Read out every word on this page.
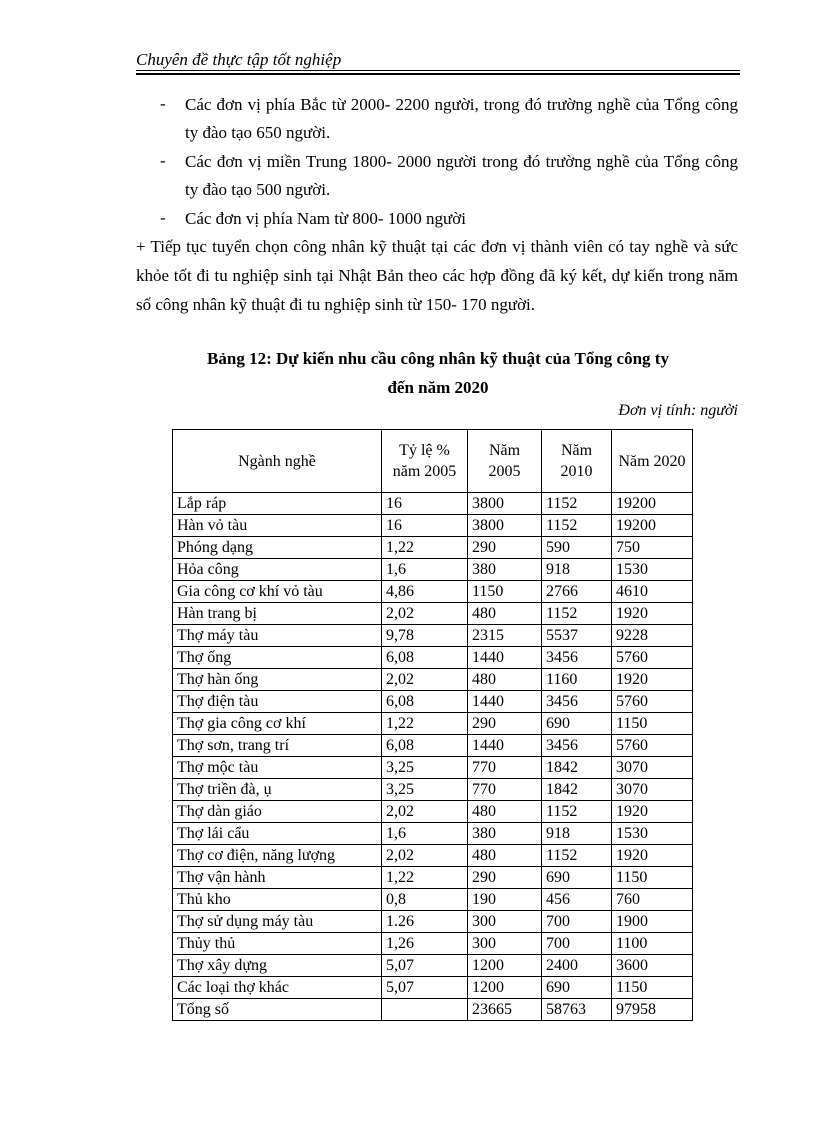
Chuyên đề thực tập tốt nghiệp
- Các đơn vị phía Bắc từ 2000- 2200 người, trong đó trường nghề của Tổng công ty đào tạo 650 người.
- Các đơn vị miền Trung 1800- 2000 người trong đó trường nghề của Tổng công ty đào tạo 500 người.
- Các đơn vị phía Nam từ 800- 1000 người
+ Tiếp tục tuyển chọn công nhân kỹ thuật tại các đơn vị thành viên có tay nghề và sức khỏe tốt đi tu nghiệp sinh tại Nhật Bản theo các hợp đồng đã ký kết, dự kiến trong năm số công nhân kỹ thuật đi tu nghiệp sinh từ 150- 170 người.
Bảng 12: Dự kiến nhu cầu công nhân kỹ thuật của Tổng công ty
đến năm 2020
Đơn vị tính: người
Ngành nghề	Tỷ lệ % năm 2005	Năm 2005	Năm 2010	Năm 2020
Lắp ráp	16	3800	1152	19200
Hàn vỏ tàu	16	3800	1152	19200
Phóng dạng	1,22	290	590	750
Hỏa công	1,6	380	918	1530
Gia công cơ khí vỏ tàu	4,86	1150	2766	4610
Hàn trang bị	2,02	480	1152	1920
Thợ máy tàu	9,78	2315	5537	9228
Thợ ống	6,08	1440	3456	5760
Thợ hàn ống	2,02	480	1160	1920
Thợ điện tàu	6,08	1440	3456	5760
Thợ gia công cơ khí	1,22	290	690	1150
Thợ sơn, trang trí	6,08	1440	3456	5760
Thợ mộc tàu	3,25	770	1842	3070
Thợ triền đà, ụ	3,25	770	1842	3070
Thợ dàn giáo	2,02	480	1152	1920
Thợ lái cẩu	1,6	380	918	1530
Thợ cơ điện, năng lượng	2,02	480	1152	1920
Thợ vận hành	1,22	290	690	1150
Thủ kho	0,8	190	456	760
Thợ sử dụng máy tàu	1.26	300	700	1900
Thủy thủ	1,26	300	700	1100
Thợ xây dựng	5,07	1200	2400	3600
Các loại thợ khác	5,07	1200	690	1150
Tổng số		23665	58763	97958
